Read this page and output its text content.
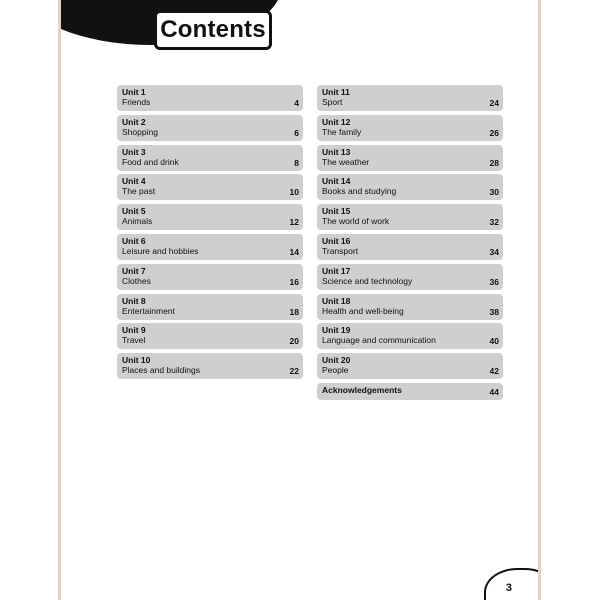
Contents
Unit 1
Friends	4
Unit 2
Shopping	6
Unit 3
Food and drink	8
Unit 4
The past	10
Unit 5
Animals	12
Unit 6
Leisure and hobbies	14
Unit 7
Clothes	16
Unit 8
Entertainment	18
Unit 9
Travel	20
Unit 10
Places and buildings	22
Unit 11
Sport	24
Unit 12
The family	26
Unit 13
The weather	28
Unit 14
Books and studying	30
Unit 15
The world of work	32
Unit 16
Transport	34
Unit 17
Science and technology	36
Unit 18
Health and well-being	38
Unit 19
Language and communication	40
Unit 20
People	42
Acknowledgements	44
3
